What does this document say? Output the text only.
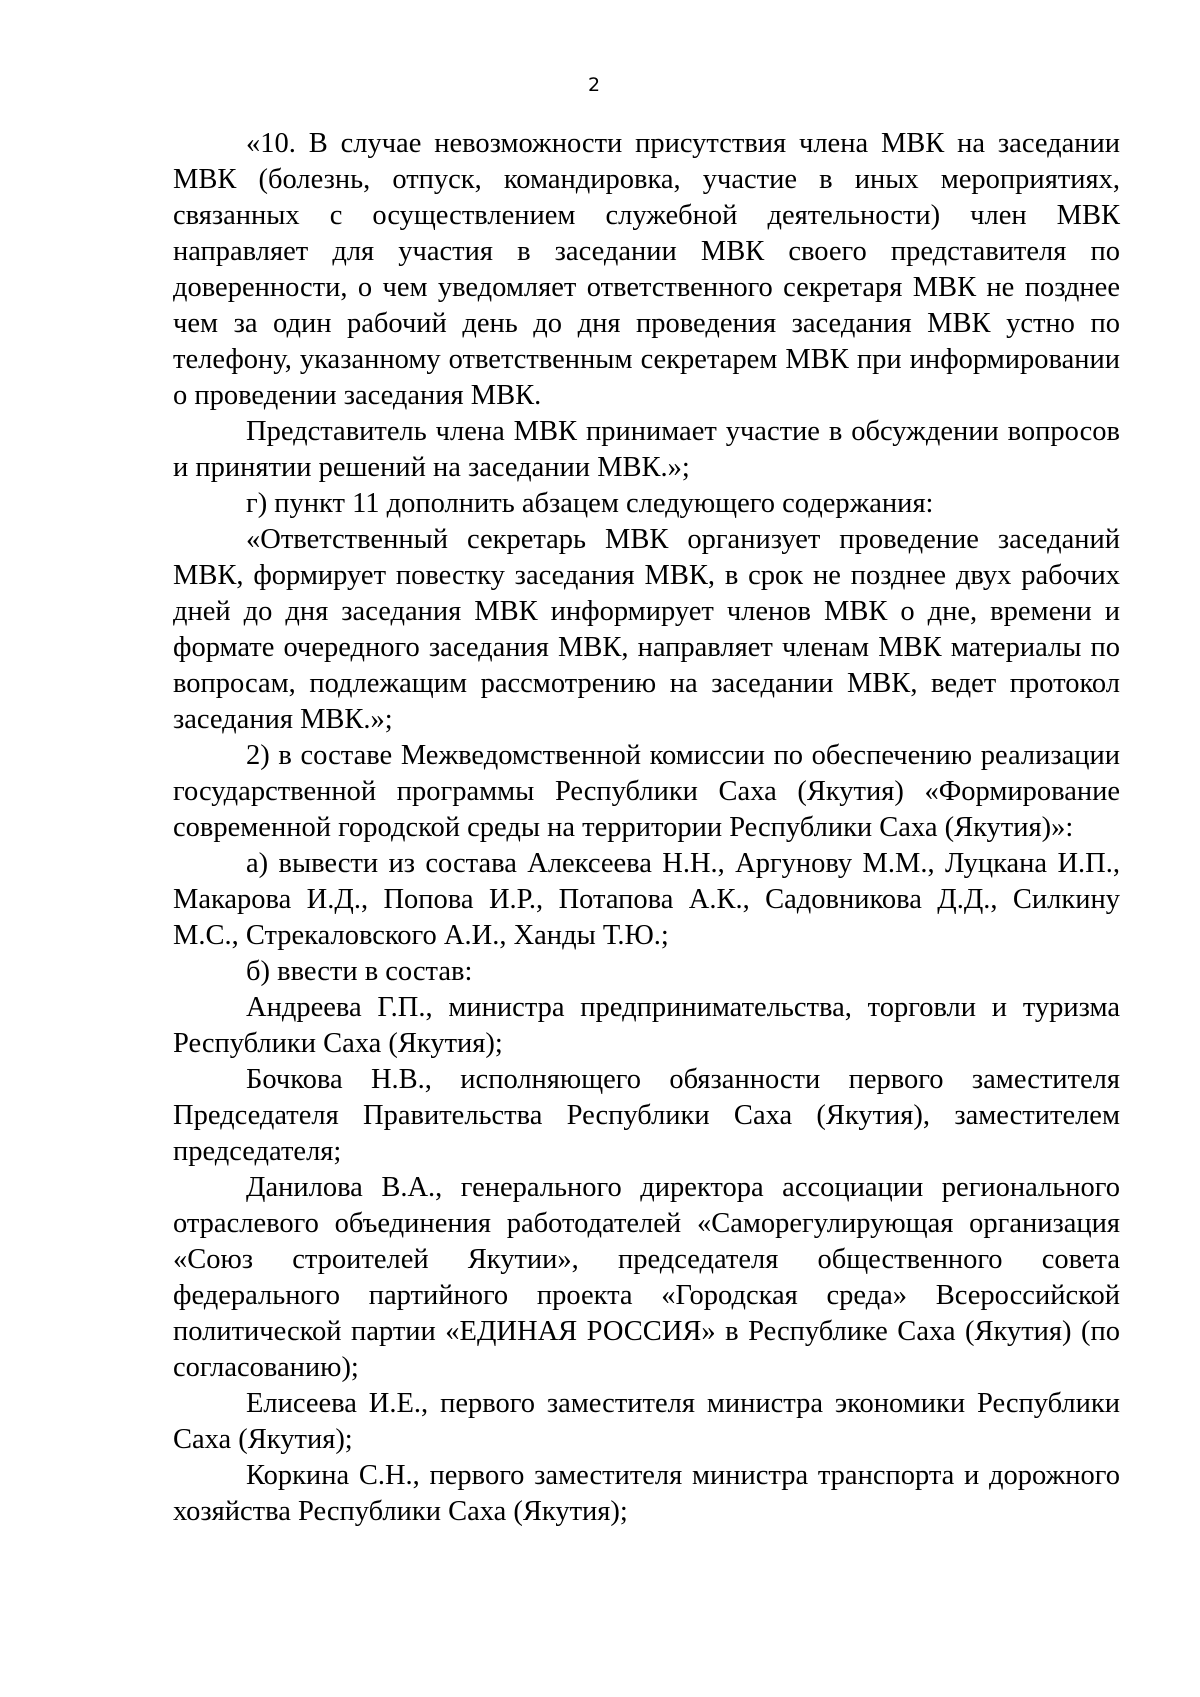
2

«10. В случае невозможности присутствия члена МВК на заседании МВК (болезнь, отпуск, командировка, участие в иных мероприятиях, связанных с осуществлением служебной деятельности) член МВК направляет для участия в заседании МВК своего представителя по доверенности, о чем уведомляет ответственного секретаря МВК не позднее чем за один рабочий день до дня проведения заседания МВК устно по телефону, указанному ответственным секретарем МВК при информировании о проведении заседания МВК.

Представитель члена МВК принимает участие в обсуждении вопросов и принятии решений на заседании МВК.»;

г) пункт 11 дополнить абзацем следующего содержания:

«Ответственный секретарь МВК организует проведение заседаний МВК, формирует повестку заседания МВК, в срок не позднее двух рабочих дней до дня заседания МВК информирует членов МВК о дне, времени и формате очередного заседания МВК, направляет членам МВК материалы по вопросам, подлежащим рассмотрению на заседании МВК, ведет протокол заседания МВК.»;

2) в составе Межведомственной комиссии по обеспечению реализации государственной программы Республики Саха (Якутия) «Формирование современной городской среды на территории Республики Саха (Якутия)»:

а) вывести из состава Алексеева Н.Н., Аргунову М.М., Луцкана И.П., Макарова И.Д., Попова И.Р., Потапова А.К., Садовникова Д.Д., Силкину М.С., Стрекаловского А.И., Ханды Т.Ю.;

б) ввести в состав:

Андреева Г.П., министра предпринимательства, торговли и туризма Республики Саха (Якутия);

Бочкова Н.В., исполняющего обязанности первого заместителя Председателя Правительства Республики Саха (Якутия), заместителем председателя;

Данилова В.А., генерального директора ассоциации регионального отраслевого объединения работодателей «Саморегулирующая организация «Союз строителей Якутии», председателя общественного совета федерального партийного проекта «Городская среда» Всероссийской политической партии «ЕДИНАЯ РОССИЯ» в Республике Саха (Якутия) (по согласованию);

Елисеева И.Е., первого заместителя министра экономики Республики Саха (Якутия);

Коркина С.Н., первого заместителя министра транспорта и дорожного хозяйства Республики Саха (Якутия);
